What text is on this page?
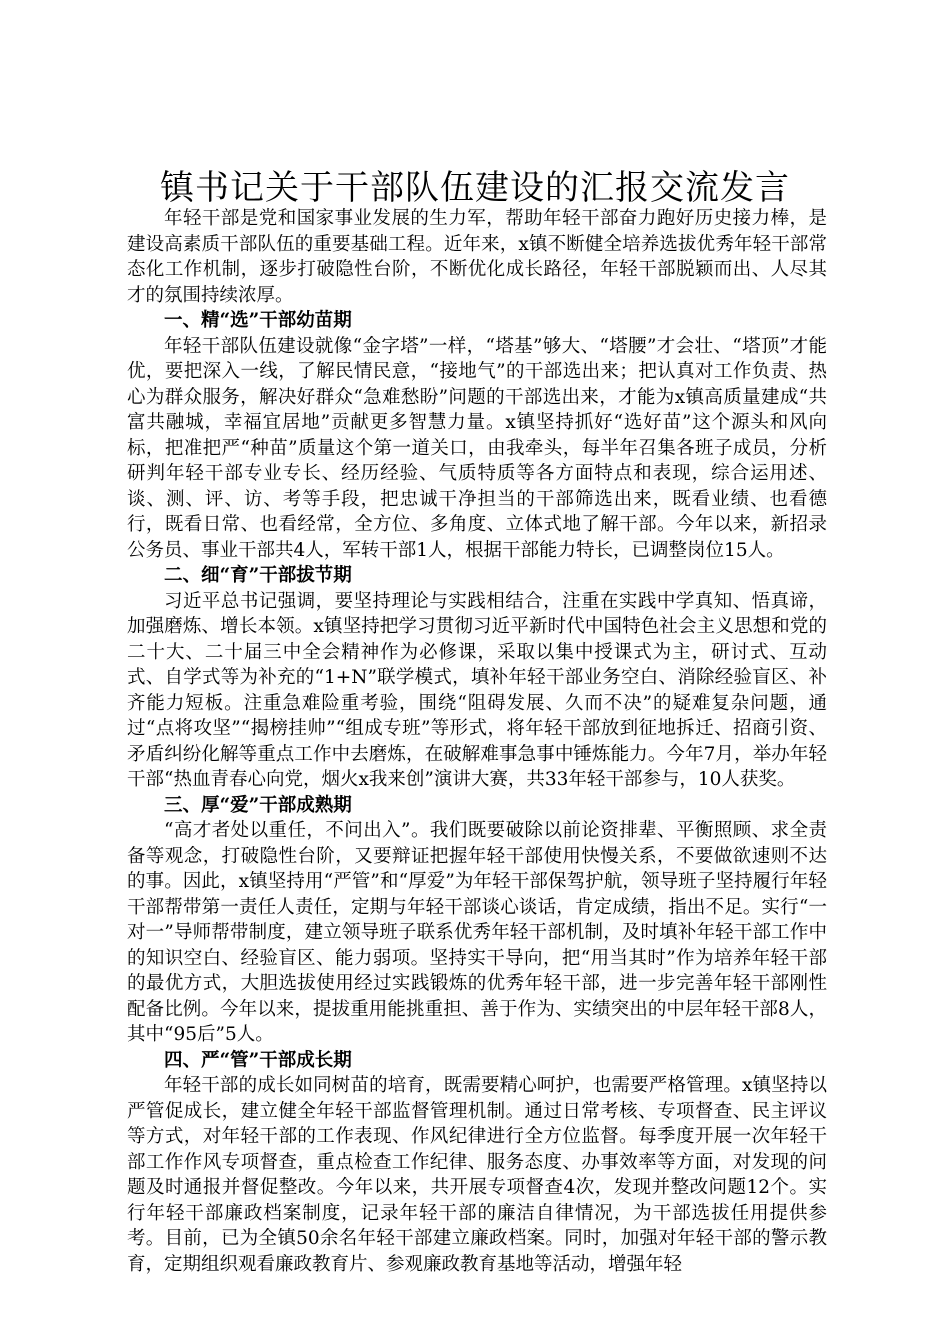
镇书记关于干部队伍建设的汇报交流发言

年轻干部是党和国家事业发展的生力军，帮助年轻干部奋力跑好历史接力棒，是建设高素质干部队伍的重要基础工程。近年来，x镇不断健全培养选拔优秀年轻干部常态化工作机制，逐步打破隐性台阶，不断优化成长路径，年轻干部脱颖而出、人尽其才的氛围持续浓厚。

一、精“选”干部幼苗期

年轻干部队伍建设就像“金字塔”一样，“塔基”够大、“塔腰”才会壮、“塔顶”才能优，要把深入一线，了解民情民意，“接地气”的干部选出来；把认真对工作负责、热心为群众服务，解决好群众“急难愁盼”问题的干部选出来，才能为x镇高质量建成“共富共融城，幸福宜居地”贡献更多智慧力量。x镇坚持抓好“选好苗”这个源头和风向标，把准把严“种苗”质量这个第一道关口，由我牵头，每半年召集各班子成员，分析研判年轻干部专业专长、经历经验、气质特质等各方面特点和表现，综合运用述、谈、测、评、访、考等手段，把忠诚干净担当的干部筛选出来，既看业绩、也看德行，既看日常、也看经常，全方位、多角度、立体式地了解干部。今年以来，新招录公务员、事业干部共4人，军转干部1人，根据干部能力特长，已调整岗位15人。

二、细“育”干部拔节期

习近平总书记强调，要坚持理论与实践相结合，注重在实践中学真知、悟真谛，加强磨炼、增长本领。x镇坚持把学习贯彻习近平新时代中国特色社会主义思想和党的二十大、二十届三中全会精神作为必修课，采取以集中授课式为主，研讨式、互动式、自学式等为补充的“1+N”联学模式，填补年轻干部业务空白、消除经验盲区、补齐能力短板。注重急难险重考验，围绕“阻碍发展、久而不决”的疑难复杂问题，通过“点将攻坚”“揭榜挂帅”“组成专班”等形式，将年轻干部放到征地拆迁、招商引资、矛盾纠纷化解等重点工作中去磨炼，在破解难事急事中锤炼能力。今年7月，举办年轻干部“热血青春心向党，烟火x我来创”演讲大赛，共33年轻干部参与，10人获奖。

三、厚“爱”干部成熟期

“高才者处以重任，不问出入”。我们既要破除以前论资排辈、平衡照顾、求全责备等观念，打破隐性台阶，又要辩证把握年轻干部使用快慢关系，不要做欲速则不达的事。因此，x镇坚持用“严管”和“厚爱”为年轻干部保驾护航，领导班子坚持履行年轻干部帮带第一责任人责任，定期与年轻干部谈心谈话，肯定成绩，指出不足。实行“一对一”导师帮带制度，建立领导班子联系优秀年轻干部机制，及时填补年轻干部工作中的知识空白、经验盲区、能力弱项。坚持实干导向，把“用当其时”作为培养年轻干部的最优方式，大胆选拔使用经过实践锻炼的优秀年轻干部，进一步完善年轻干部刚性配备比例。今年以来，提拔重用能挑重担、善于作为、实绩突出的中层年轻干部8人，其中“95后”5人。

四、严“管”干部成长期

年轻干部的成长如同树苗的培育，既需要精心呵护，也需要严格管理。x镇坚持以严管促成长，建立健全年轻干部监督管理机制。通过日常考核、专项督查、民主评议等方式，对年轻干部的工作表现、作风纪律进行全方位监督。每季度开展一次年轻干部工作作风专项督查，重点检查工作纪律、服务态度、办事效率等方面，对发现的问题及时通报并督促整改。今年以来，共开展专项督查4次，发现并整改问题12个。实行年轻干部廉政档案制度，记录年轻干部的廉洁自律情况，为干部选拔任用提供参考。目前，已为全镇50余名年轻干部建立廉政档案。同时，加强对年轻干部的警示教育，定期组织观看廉政教育片、参观廉政教育基地等活动，增强年轻
